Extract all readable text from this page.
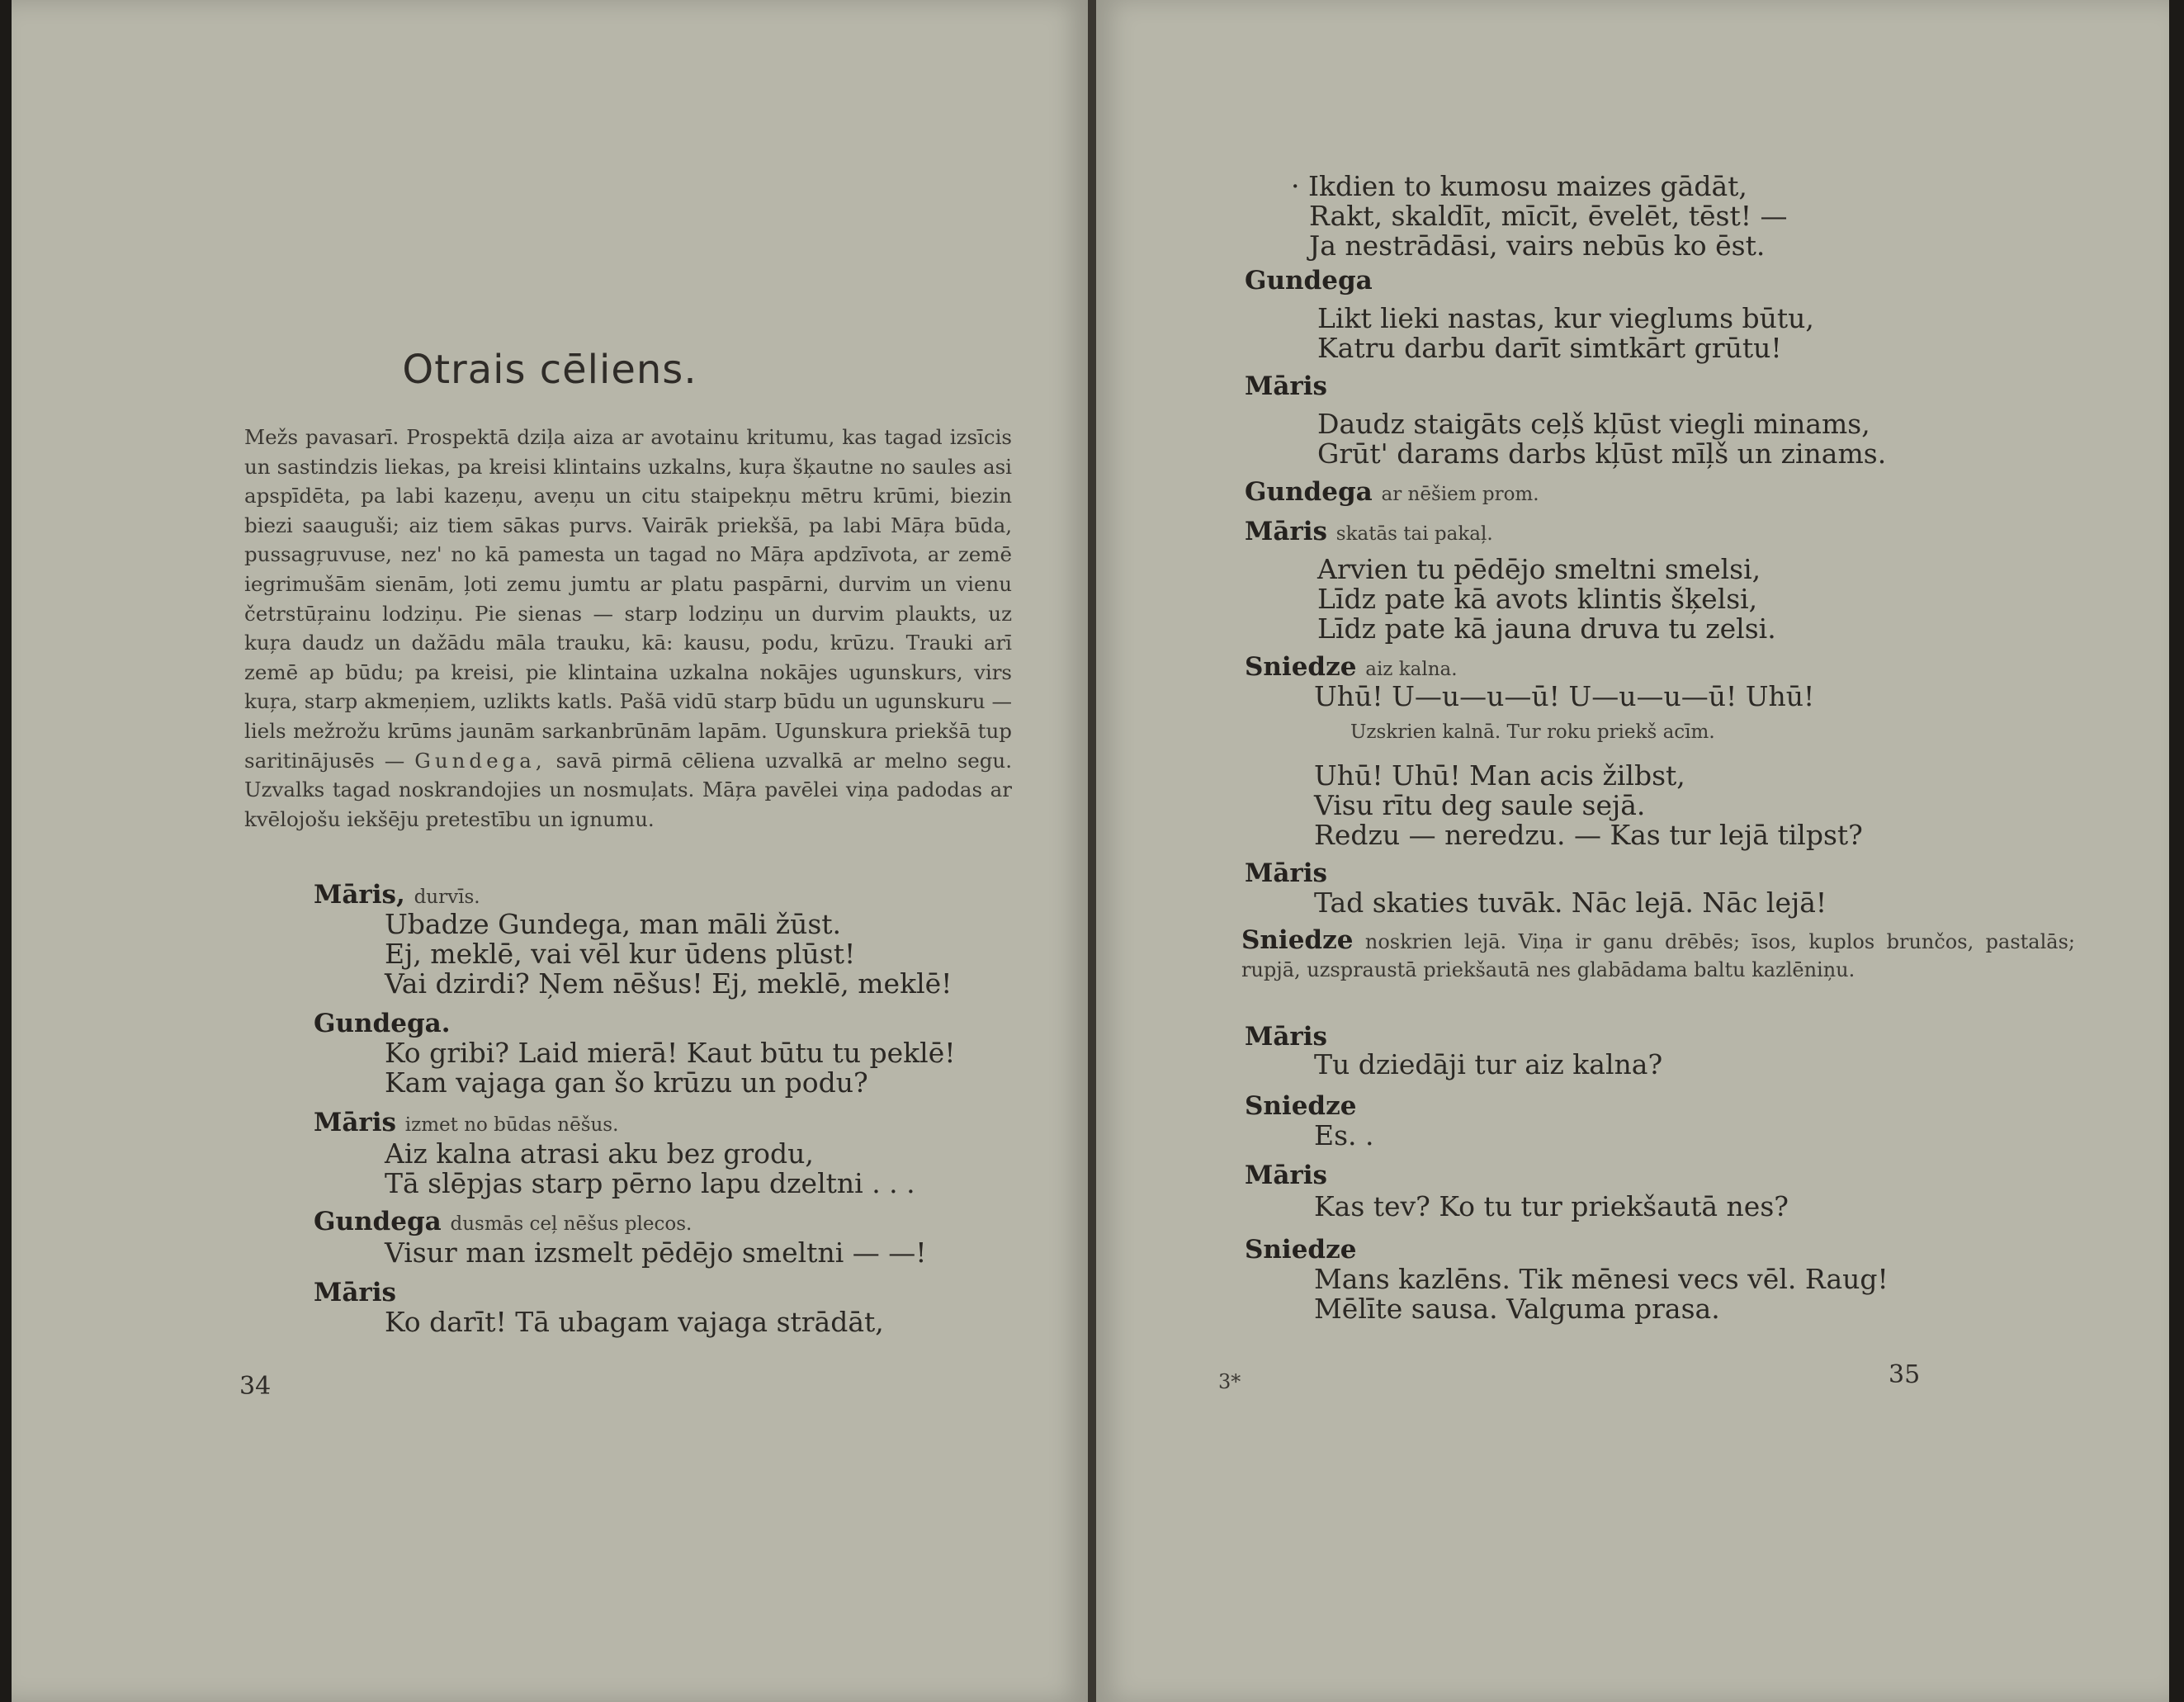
Otrais cēliens.
Mežs pavasarī. Prospektā dziļa aiza ar avotainu kritumu, kas tagad izsīcis un sastindzis liekas, pa kreisi klintains uzkalns, kuŗa šķautne no saules asi apspīdēta, pa labi kazeņu, aveņu un citu staipekņu mētru krūmi, biezin biezi saauguši; aiz tiem sākas purvs. Vairāk priekšā, pa labi Māŗa būda, pussagŗuvuse, nez' no kā pamesta un tagad no Māŗa apdzīvota, ar zemē iegrimušām sienām, ļoti zemu jumtu ar platu paspārni, durvim un vienu četrstūŗainu lodziņu. Pie sienas — starp lodziņu un durvim plaukts, uz kuŗa daudz un dažādu māla trauku, kā: kausu, podu, krūzu. Trauki arī zemē ap būdu; pa kreisi, pie klintaina uzkalna nokājes ugunskurs, virs kuŗa, starp akmeņiem, uzlikts katls. Pašā vidū starp būdu un ugunskuru — liels mežrožu krūms jaunām sarkanbrūnām lapām. Ugunskura priekšā tup saritinājusēs — Gundega, savā pirmā cēliena uzvalkā ar melno segu. Uzvalks tagad noskrandojies un nosmuļats. Māŗa pavēlei viņa padodas ar kvēlojošu iekšēju pretestību un ignumu.
Māris, durvīs.
Ubadze Gundega, man māli žūst.
Ej, meklē, vai vēl kur ūdens plūst!
Vai dzirdi? Ņem nēšus! Ej, meklē, meklē!
Gundega.
Ko gribi? Laid mierā! Kaut būtu tu peklē!
Kam vajaga gan šo krūzu un podu?
Māris izmet no būdas nēšus.
Aiz kalna atrasi aku bez grodu,
Tā slēpjas starp pērno lapu dzeltni . . .
Gundega dusmās ceļ nēšus plecos.
Visur man izsmelt pēdējo smeltni — —!
Māris
Ko darīt! Tā ubagam vajaga strādāt,
34
· Ikdien to kumosu maizes gādāt,
Rakt, skaldīt, mīcīt, ēvelēt, tēst! —
Ja nestrādāsi, vairs nebūs ko ēst.
Gundega
Likt lieki nastas, kur vieglums būtu,
Katru darbu darīt simtkārt grūtu!
Māris
Daudz staigāts ceļš kļūst viegli minams,
Grūt' darams darbs kļūst mīļš un zinams.
Gundega ar nēšiem prom.
Māris skatās tai pakaļ.
Arvien tu pēdējo smeltni smelsi,
Līdz pate kā avots klintis šķelsi,
Līdz pate kā jauna druva tu zelsi.
Sniedze aiz kalna.
Uhū! U—u—u—ū! U—u—u—ū! Uhū!
Uzskrien kalnā. Tur roku priekš acīm.
Uhū! Uhū! Man acis žilbst,
Visu rītu deg saule sejā.
Redzu — neredzu. — Kas tur lejā tilpst?
Māris
Tad skaties tuvāk. Nāc lejā. Nāc lejā!
Sniedze noskrien lejā. Viņa ir ganu drēbēs; īsos, kuplos brunčos, pastalās; rupjā, uzspraustā priekšautā nes glabādama baltu kazlēniņu.
Māris
Tu dziedāji tur aiz kalna?
Sniedze
Es. .
Māris
Kas tev? Ko tu tur priekšautā nes?
Sniedze
Mans kazlēns. Tik mēnesi vecs vēl. Raug!
Mēlīte sausa. Valguma prasa.
3*	35
